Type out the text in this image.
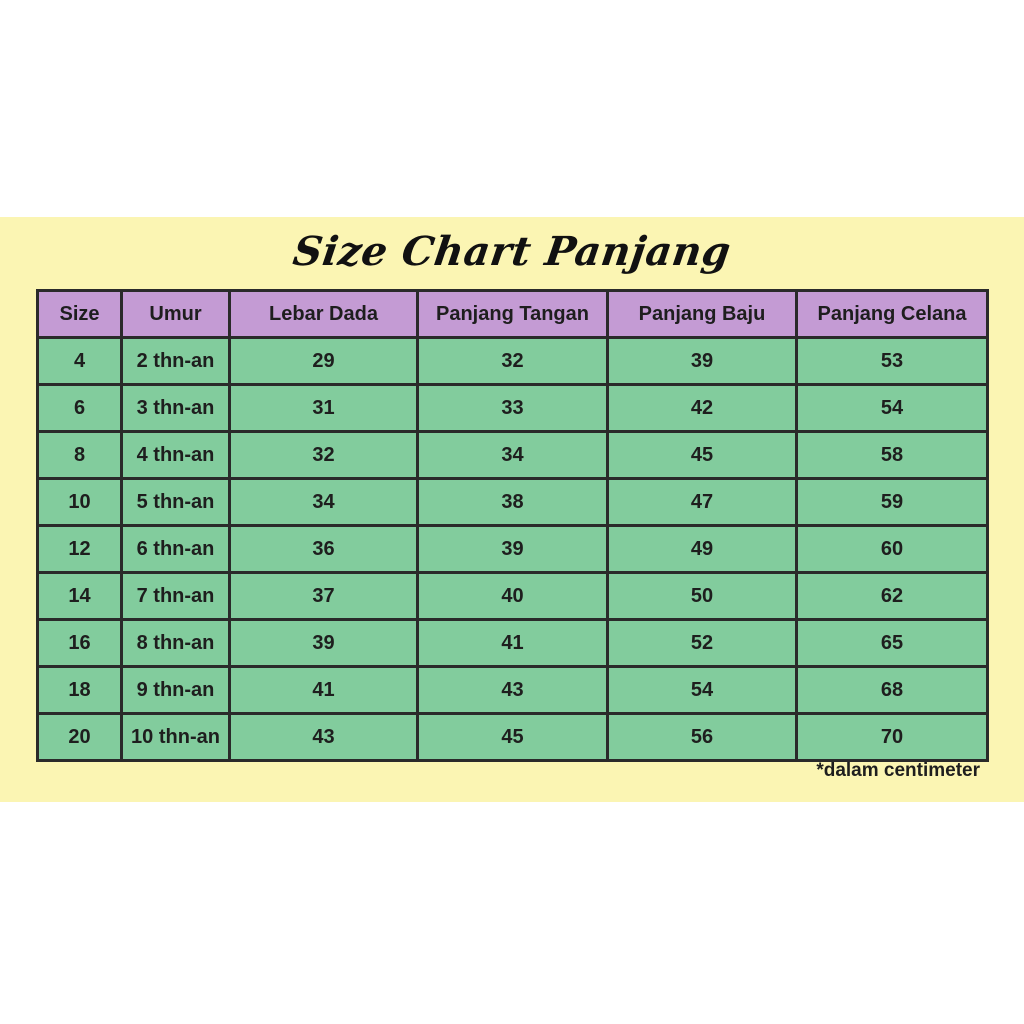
Size Chart Panjang
Size	Umur	Lebar Dada	Panjang Tangan	Panjang Baju	Panjang Celana
4	2 thn-an	29	32	39	53
6	3 thn-an	31	33	42	54
8	4 thn-an	32	34	45	58
10	5 thn-an	34	38	47	59
12	6 thn-an	36	39	49	60
14	7 thn-an	37	40	50	62
16	8 thn-an	39	41	52	65
18	9 thn-an	41	43	54	68
20	10 thn-an	43	45	56	70
*dalam centimeter
